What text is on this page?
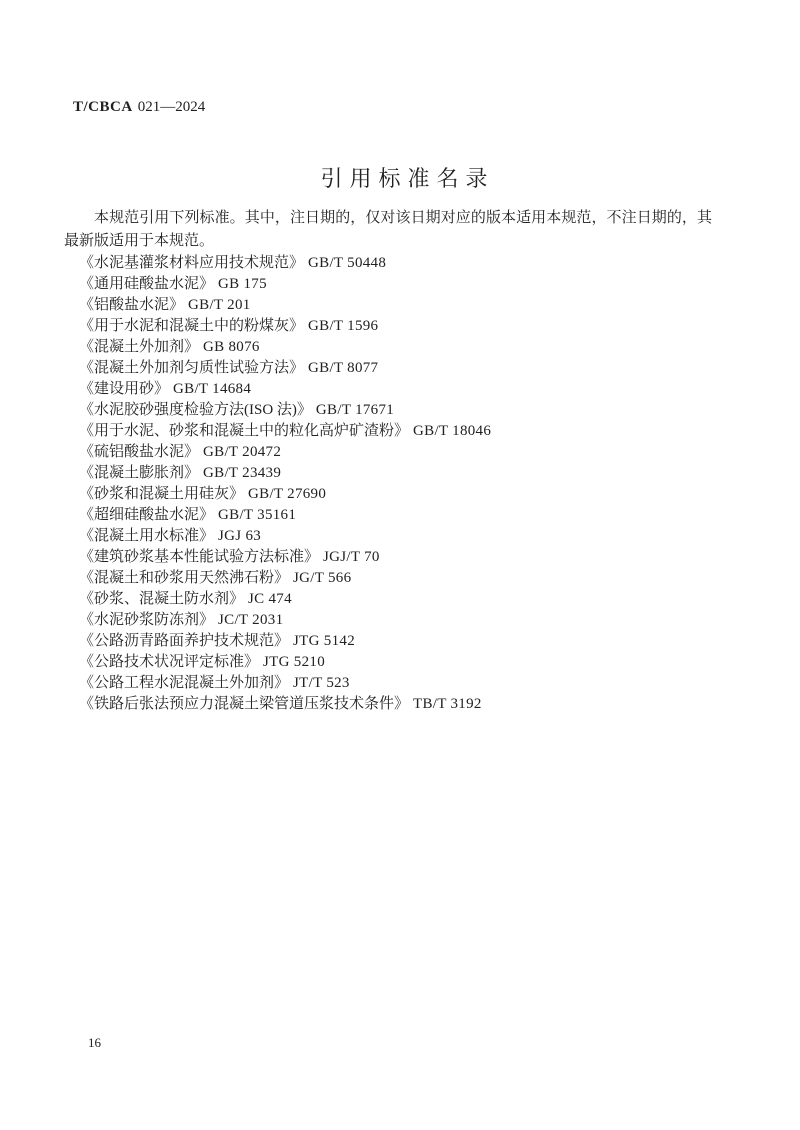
T/CBCA 021—2024
引用标准名录

本规范引用下列标准。其中，注日期的，仅对该日期对应的版本适用本规范，不注日期的，其最新版适用于本规范。

《水泥基灌浆材料应用技术规范》 GB/T 50448
《通用硅酸盐水泥》 GB 175
《铝酸盐水泥》 GB/T 201
《用于水泥和混凝土中的粉煤灰》 GB/T 1596
《混凝土外加剂》 GB 8076
《混凝土外加剂匀质性试验方法》 GB/T 8077
《建设用砂》 GB/T 14684
《水泥胶砂强度检验方法(ISO 法)》 GB/T 17671
《用于水泥、砂浆和混凝土中的粒化高炉矿渣粉》 GB/T 18046
《硫铝酸盐水泥》 GB/T 20472
《混凝土膨胀剂》 GB/T 23439
《砂浆和混凝土用硅灰》 GB/T 27690
《超细硅酸盐水泥》 GB/T 35161
《混凝土用水标准》 JGJ 63
《建筑砂浆基本性能试验方法标准》 JGJ/T 70
《混凝土和砂浆用天然沸石粉》 JG/T 566
《砂浆、混凝土防水剂》 JC 474
《水泥砂浆防冻剂》 JC/T 2031
《公路沥青路面养护技术规范》 JTG 5142
《公路技术状况评定标准》 JTG 5210
《公路工程水泥混凝土外加剂》 JT/T 523
《铁路后张法预应力混凝土梁管道压浆技术条件》 TB/T 3192
16
